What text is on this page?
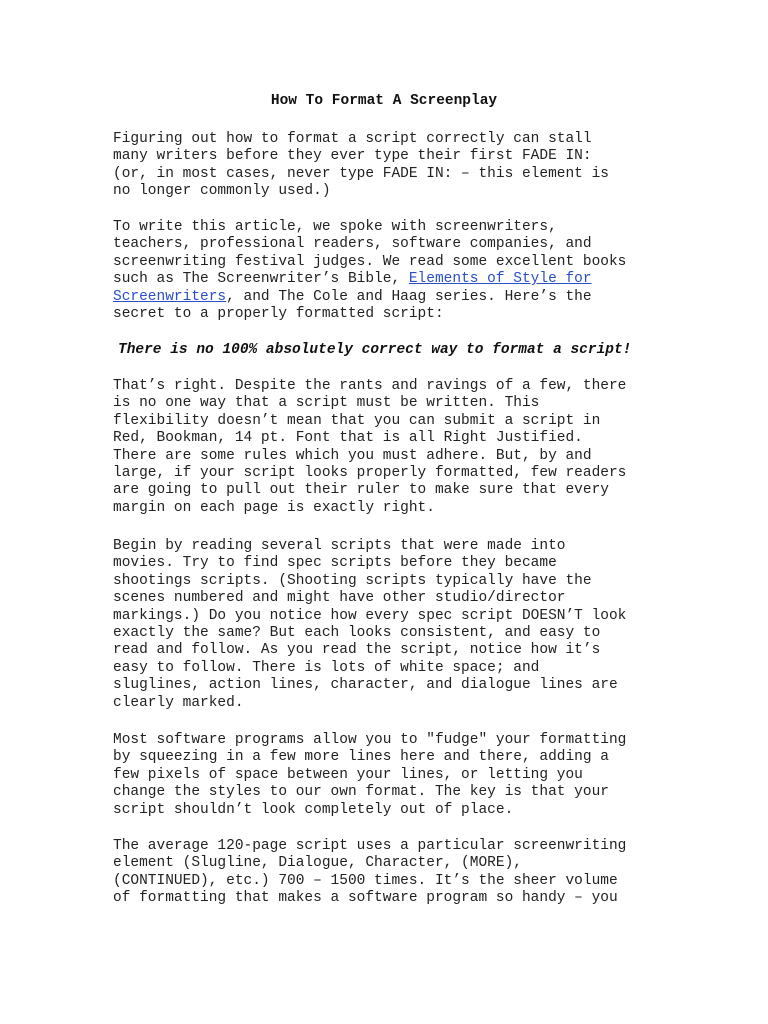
How To Format A Screenplay
Figuring out how to format a script correctly can stall
many writers before they ever type their first FADE IN:
(or, in most cases, never type FADE IN: – this element is
no longer commonly used.)
To write this article, we spoke with screenwriters,
teachers, professional readers, software companies, and
screenwriting festival judges. We read some excellent books
such as The Screenwriter’s Bible, Elements of Style for
Screenwriters, and The Cole and Haag series. Here’s the
secret to a properly formatted script:
There is no 100% absolutely correct way to format a script!
That’s right. Despite the rants and ravings of a few, there
is no one way that a script must be written. This
flexibility doesn’t mean that you can submit a script in
Red, Bookman, 14 pt. Font that is all Right Justified.
There are some rules which you must adhere. But, by and
large, if your script looks properly formatted, few readers
are going to pull out their ruler to make sure that every
margin on each page is exactly right.
Begin by reading several scripts that were made into
movies. Try to find spec scripts before they became
shootings scripts. (Shooting scripts typically have the
scenes numbered and might have other studio/director
markings.) Do you notice how every spec script DOESN’T look
exactly the same? But each looks consistent, and easy to
read and follow. As you read the script, notice how it’s
easy to follow. There is lots of white space; and
sluglines, action lines, character, and dialogue lines are
clearly marked.
Most software programs allow you to "fudge" your formatting
by squeezing in a few more lines here and there, adding a
few pixels of space between your lines, or letting you
change the styles to our own format. The key is that your
script shouldn’t look completely out of place.
The average 120-page script uses a particular screenwriting
element (Slugline, Dialogue, Character, (MORE),
(CONTINUED), etc.) 700 – 1500 times. It’s the sheer volume
of formatting that makes a software program so handy – you
